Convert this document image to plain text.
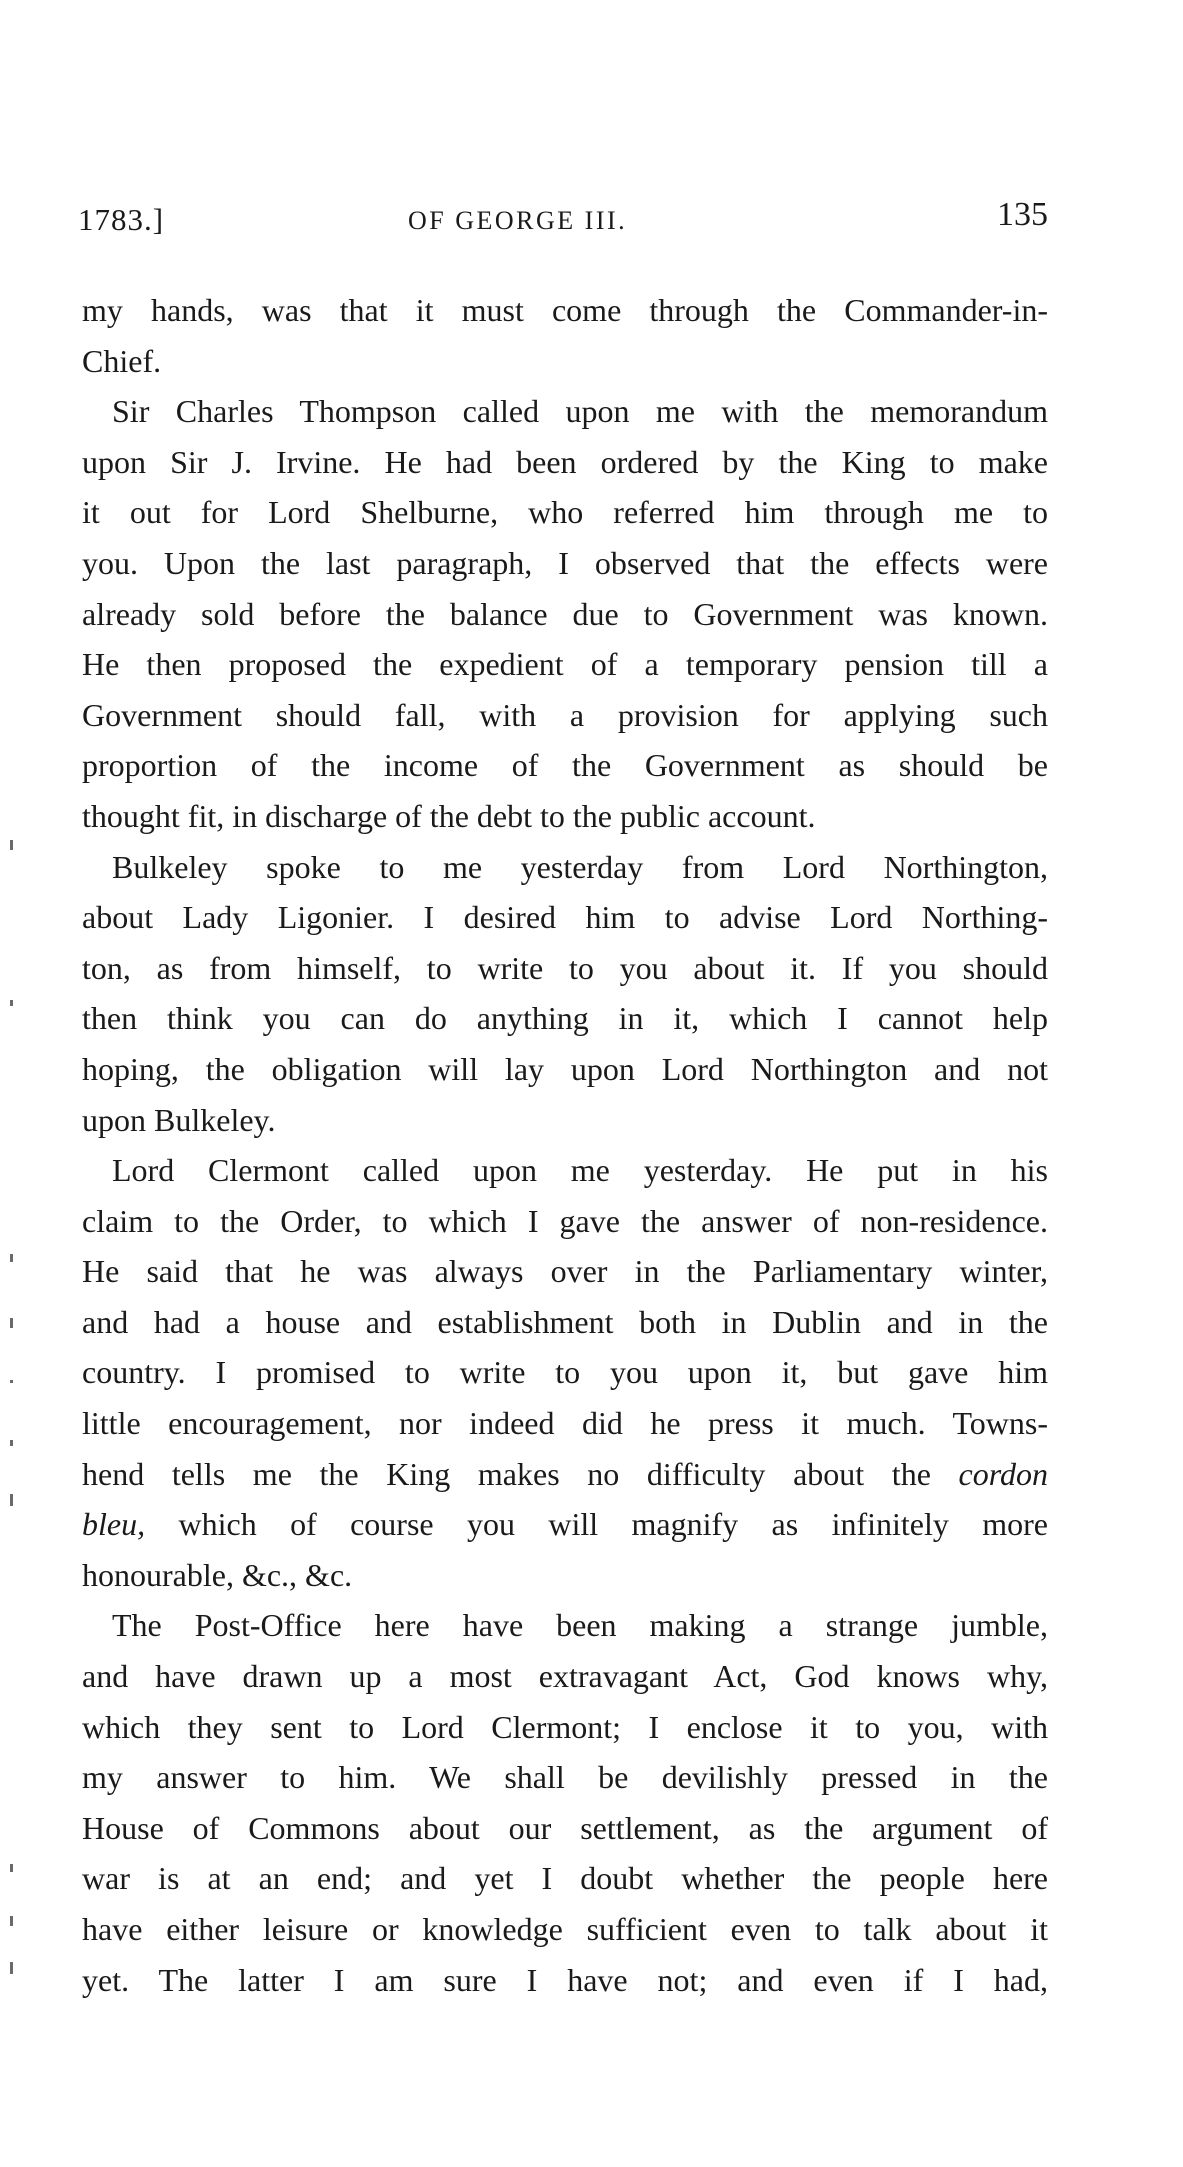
1783.]	OF GEORGE III.	135

my hands, was that it must come through the Commander-in-
Chief.

Sir Charles Thompson called upon me with the memorandum
upon Sir J. Irvine. He had been ordered by the King to make
it out for Lord Shelburne, who referred him through me to
you. Upon the last paragraph, I observed that the effects were
already sold before the balance due to Government was known.
He then proposed the expedient of a temporary pension till a
Government should fall, with a provision for applying such
proportion of the income of the Government as should be
thought fit, in discharge of the debt to the public account.

Bulkeley spoke to me yesterday from Lord Northington,
about Lady Ligonier. I desired him to advise Lord Northing-
ton, as from himself, to write to you about it. If you should
then think you can do anything in it, which I cannot help
hoping, the obligation will lay upon Lord Northington and not
upon Bulkeley.

Lord Clermont called upon me yesterday. He put in his
claim to the Order, to which I gave the answer of non-residence.
He said that he was always over in the Parliamentary winter,
and had a house and establishment both in Dublin and in the
country. I promised to write to you upon it, but gave him
little encouragement, nor indeed did he press it much. Towns-
hend tells me the King makes no difficulty about the cordon
bleu, which of course you will magnify as infinitely more
honourable, &c., &c.

The Post-Office here have been making a strange jumble,
and have drawn up a most extravagant Act, God knows why,
which they sent to Lord Clermont; I enclose it to you, with
my answer to him. We shall be devilishly pressed in the
House of Commons about our settlement, as the argument of
war is at an end; and yet I doubt whether the people here
have either leisure or knowledge sufficient even to talk about it
yet. The latter I am sure I have not; and even if I had,
